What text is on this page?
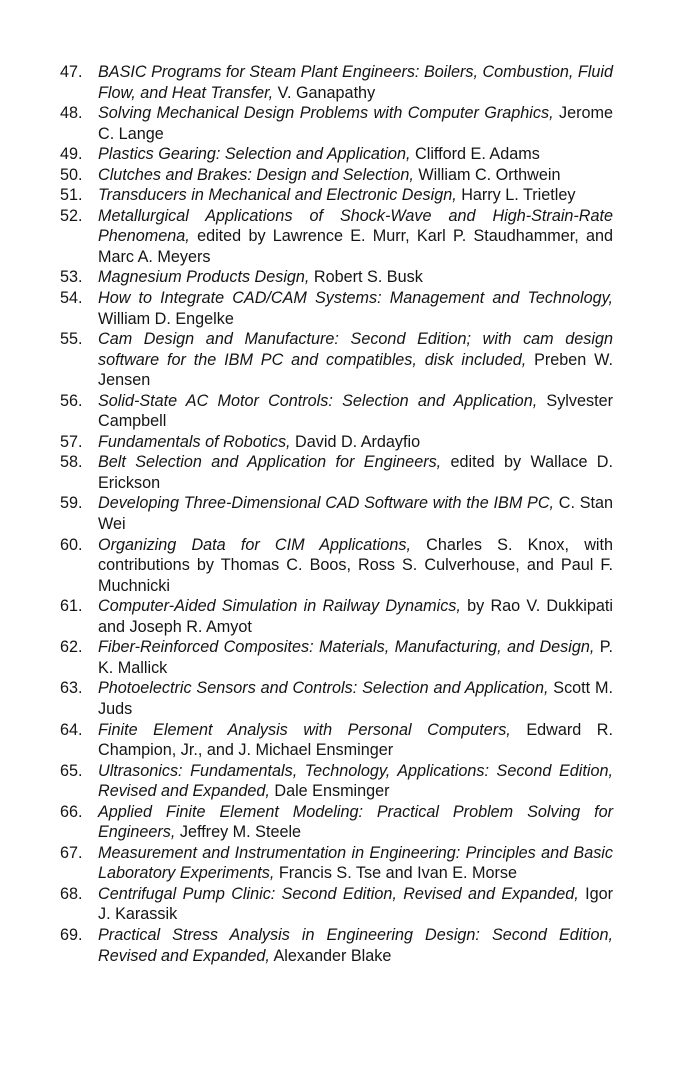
47. BASIC Programs for Steam Plant Engineers: Boilers, Combustion, Fluid Flow, and Heat Transfer, V. Ganapathy
48. Solving Mechanical Design Problems with Computer Graphics, Jerome C. Lange
49. Plastics Gearing: Selection and Application, Clifford E. Adams
50. Clutches and Brakes: Design and Selection, William C. Orthwein
51. Transducers in Mechanical and Electronic Design, Harry L. Trietley
52. Metallurgical Applications of Shock-Wave and High-Strain-Rate Phenomena, edited by Lawrence E. Murr, Karl P. Staudhammer, and Marc A. Meyers
53. Magnesium Products Design, Robert S. Busk
54. How to Integrate CAD/CAM Systems: Management and Technology, William D. Engelke
55. Cam Design and Manufacture: Second Edition; with cam design software for the IBM PC and compatibles, disk included, Preben W. Jensen
56. Solid-State AC Motor Controls: Selection and Application, Sylvester Campbell
57. Fundamentals of Robotics, David D. Ardayfio
58. Belt Selection and Application for Engineers, edited by Wallace D. Erickson
59. Developing Three-Dimensional CAD Software with the IBM PC, C. Stan Wei
60. Organizing Data for CIM Applications, Charles S. Knox, with contributions by Thomas C. Boos, Ross S. Culverhouse, and Paul F. Muchnicki
61. Computer-Aided Simulation in Railway Dynamics, by Rao V. Dukkipati and Joseph R. Amyot
62. Fiber-Reinforced Composites: Materials, Manufacturing, and Design, P. K. Mallick
63. Photoelectric Sensors and Controls: Selection and Application, Scott M. Juds
64. Finite Element Analysis with Personal Computers, Edward R. Champion, Jr., and J. Michael Ensminger
65. Ultrasonics: Fundamentals, Technology, Applications: Second Edition, Revised and Expanded, Dale Ensminger
66. Applied Finite Element Modeling: Practical Problem Solving for Engineers, Jeffrey M. Steele
67. Measurement and Instrumentation in Engineering: Principles and Basic Laboratory Experiments, Francis S. Tse and Ivan E. Morse
68. Centrifugal Pump Clinic: Second Edition, Revised and Expanded, Igor J. Karassik
69. Practical Stress Analysis in Engineering Design: Second Edition, Revised and Expanded, Alexander Blake
